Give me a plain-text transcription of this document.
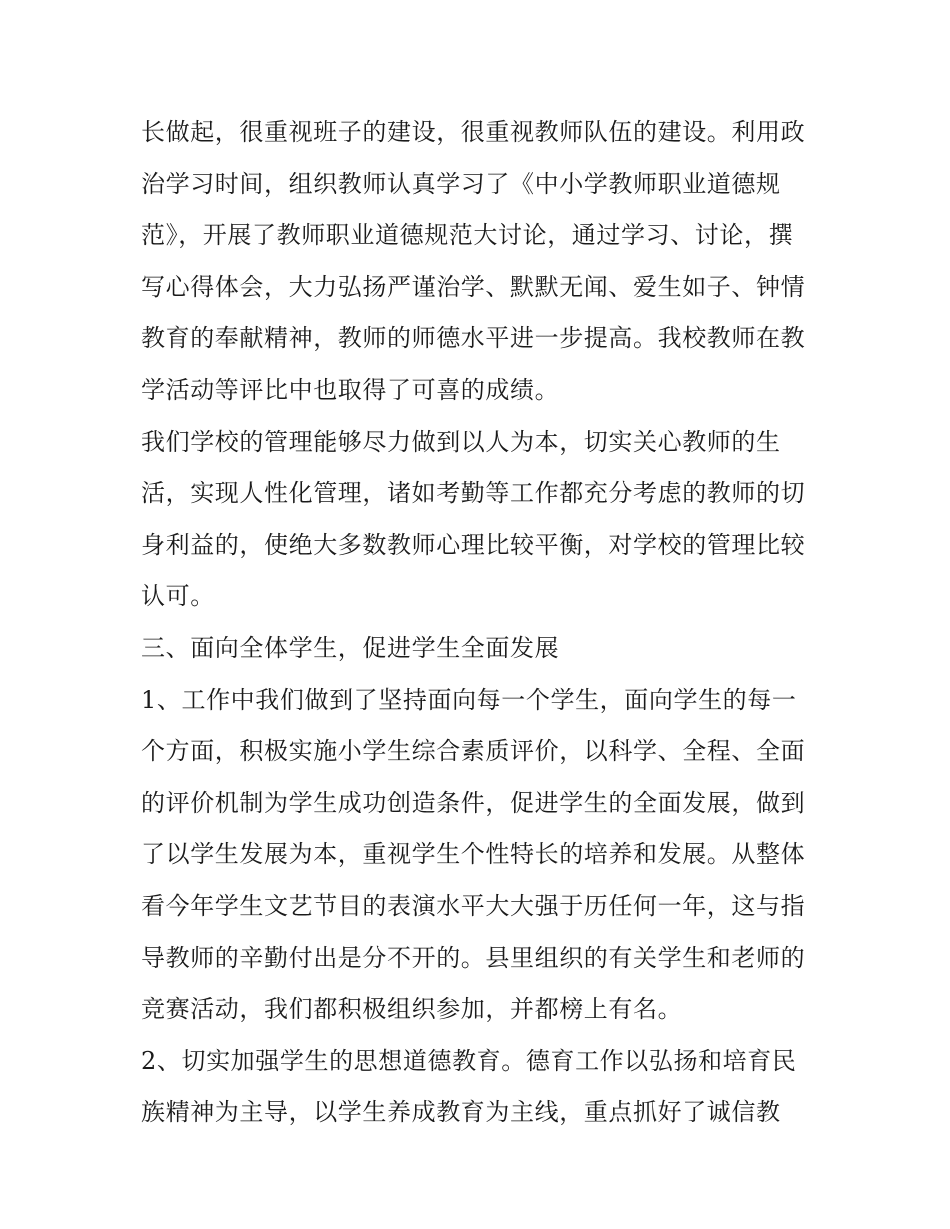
长做起，很重视班子的建设，很重视教师队伍的建设。利用政
治学习时间，组织教师认真学习了《中小学教师职业道德规
范》，开展了教师职业道德规范大讨论，通过学习、讨论，撰
写心得体会，大力弘扬严谨治学、默默无闻、爱生如子、钟情
教育的奉献精神，教师的师德水平进一步提高。我校教师在教
学活动等评比中也取得了可喜的成绩。
我们学校的管理能够尽力做到以人为本，切实关心教师的生
活，实现人性化管理，诸如考勤等工作都充分考虑的教师的切
身利益的，使绝大多数教师心理比较平衡，对学校的管理比较
认可。
三、面向全体学生，促进学生全面发展
1、工作中我们做到了坚持面向每一个学生，面向学生的每一
个方面，积极实施小学生综合素质评价，以科学、全程、全面
的评价机制为学生成功创造条件，促进学生的全面发展，做到
了以学生发展为本，重视学生个性特长的培养和发展。从整体
看今年学生文艺节目的表演水平大大强于历任何一年，这与指
导教师的辛勤付出是分不开的。县里组织的有关学生和老师的
竞赛活动，我们都积极组织参加，并都榜上有名。
2、切实加强学生的思想道德教育。德育工作以弘扬和培育民
族精神为主导，以学生养成教育为主线，重点抓好了诚信教
